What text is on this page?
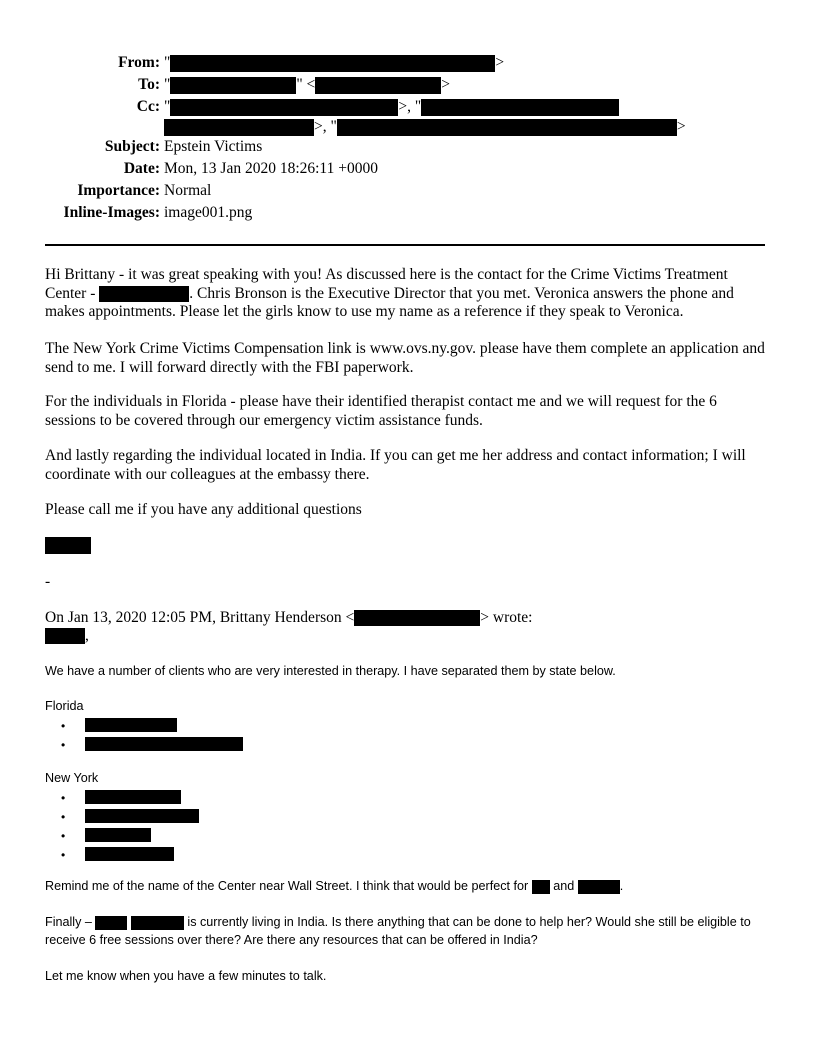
From: "	>
To: "	" <	>
Cc: "	>, "
>, "	>
Subject: Epstein Victims
Date: Mon, 13 Jan 2020 18:26:11 +0000
Importance: Normal
Inline-Images: image001.png
Hi Brittany - it was great speaking with you! As discussed here is the contact for the Crime Victims Treatment Center -	. Chris Bronson is the Executive Director that you met. Veronica answers the phone and makes appointments. Please let the girls know to use my name as a reference if they speak to Veronica.
The New York Crime Victims Compensation link is www.ovs.ny.gov. please have them complete an application and send to me. I will forward directly with the FBI paperwork.
For the individuals in Florida - please have their identified therapist contact me and we will request for the 6 sessions to be covered through our emergency victim assistance funds.
And lastly regarding the individual located in India. If you can get me her address and contact information; I will coordinate with our colleagues at the embassy there.
Please call me if you have any additional questions
-
On Jan 13, 2020 12:05 PM, Brittany Henderson <	> wrote:
,
We have a number of clients who are very interested in therapy. I have separated them by state below.
Florida
•
•
New York
•
•
•
•
Remind me of the name of the Center near Wall Street. I think that would be perfect for  and	.
Finally –	is currently living in India. Is there anything that can be done to help her? Would she still be eligible to receive 6 free sessions over there? Are there any resources that can be offered in India?
Let me know when you have a few minutes to talk.
